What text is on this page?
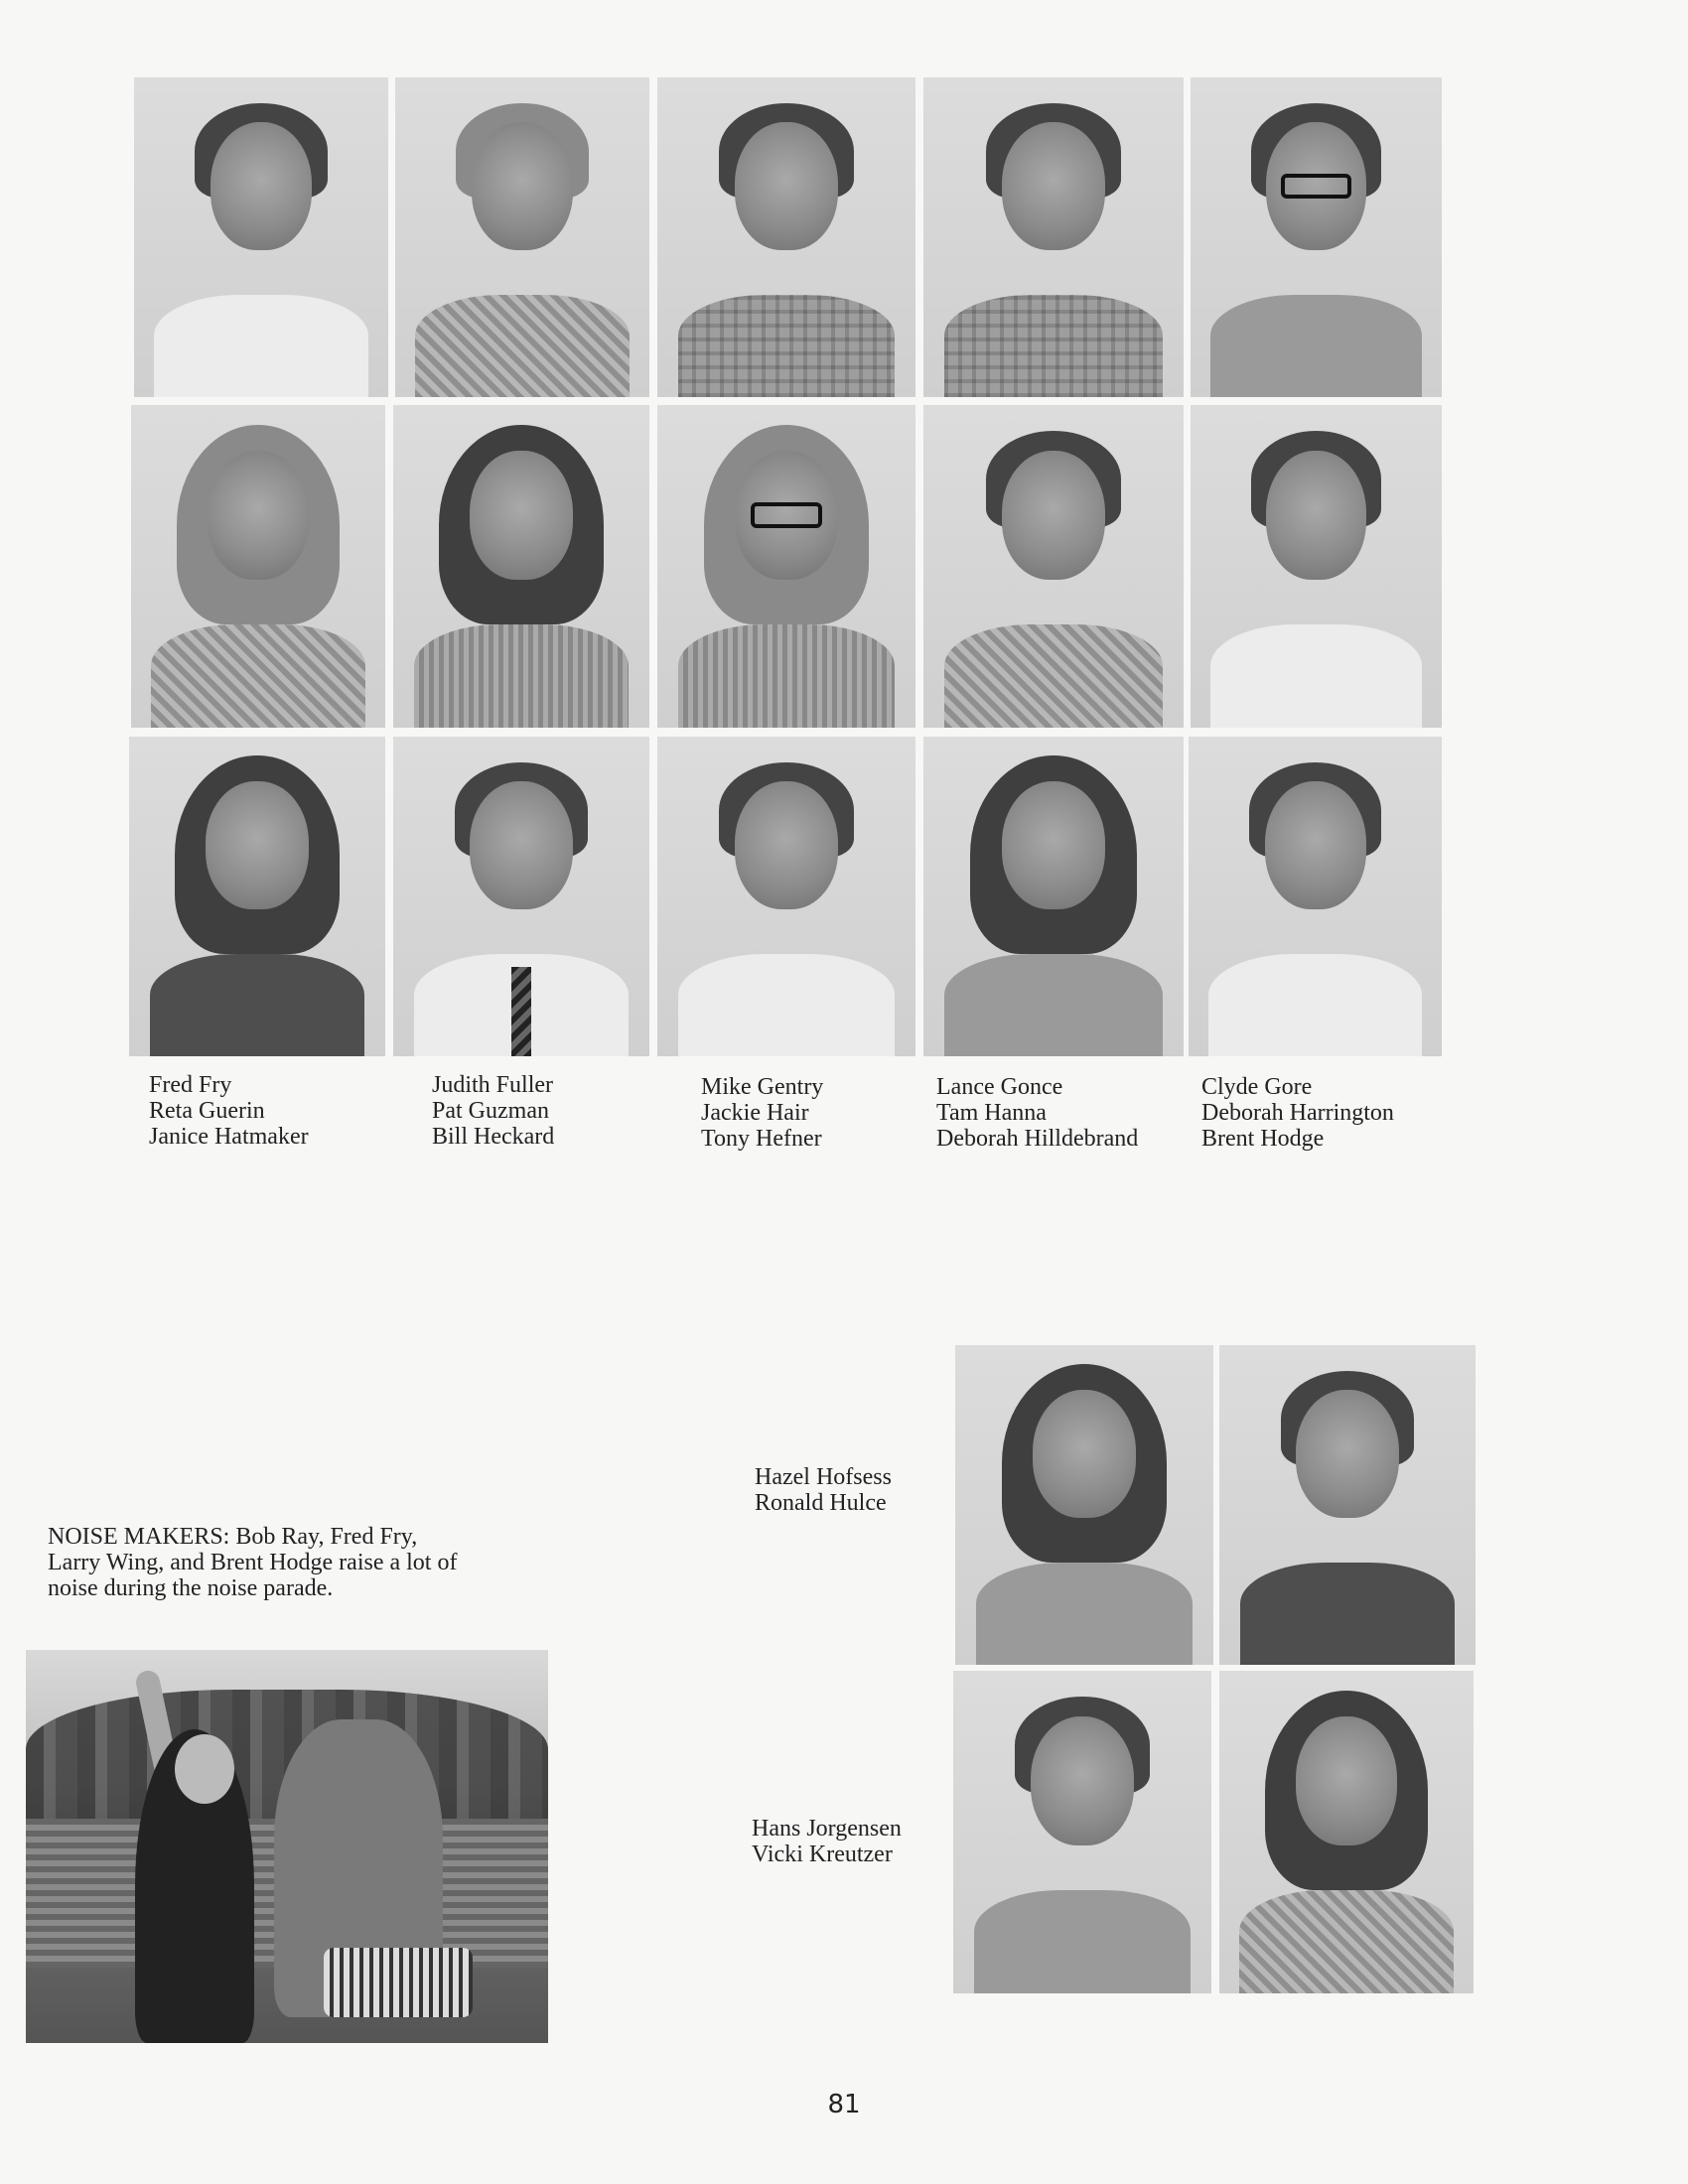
Fred Fry
Reta Guerin
Janice Hatmaker
Judith Fuller
Pat Guzman
Bill Heckard
Mike Gentry
Jackie Hair
Tony Hefner
Lance Gonce
Tam Hanna
Deborah Hilldebrand
Clyde Gore
Deborah Harrington
Brent Hodge
NOISE MAKERS: Bob Ray, Fred Fry, Larry Wing, and Brent Hodge raise a lot of noise during the noise parade.
Hazel Hofsess
Ronald Hulce
Hans Jorgensen
Vicki Kreutzer
81
